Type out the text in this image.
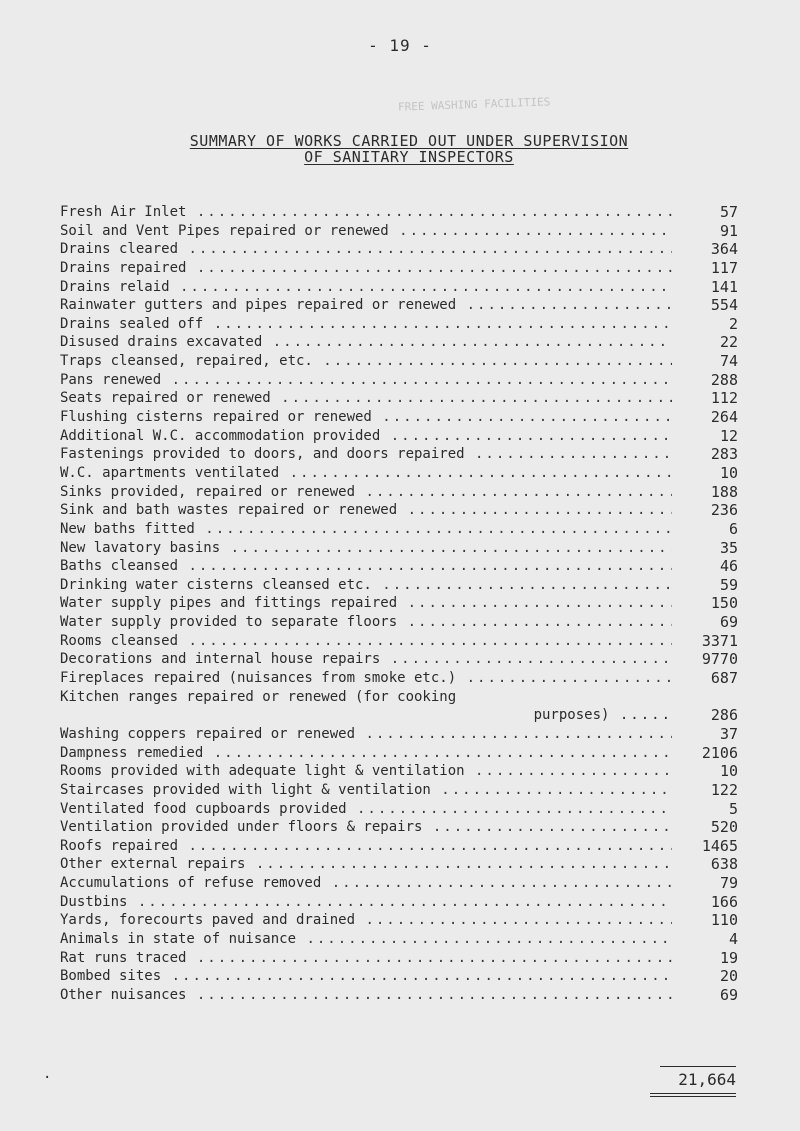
- 19 -
FREE WASHING FACILITIES
SUMMARY OF WORKS CARRIED OUT UNDER SUPERVISION
OF SANITARY INSPECTORS
Fresh Air Inlet .....	57
Soil and Vent Pipes repaired or renewed .....	91
Drains cleared .....	364
Drains repaired .....	117
Drains relaid .....	141
Rainwater gutters and pipes repaired or renewed .....	554
Drains sealed off .....	2
Disused drains excavated .....	22
Traps cleansed, repaired, etc. .....	74
Pans renewed .....	288
Seats repaired or renewed .....	112
Flushing cisterns repaired or renewed .....	264
Additional W.C. accommodation provided .....	12
Fastenings provided to doors, and doors repaired .....	283
W.C. apartments ventilated .....	10
Sinks provided, repaired or renewed .....	188
Sink and bath wastes repaired or renewed .....	236
New baths fitted .....	6
New lavatory basins .....	35
Baths cleansed .....	46
Drinking water cisterns cleansed etc. .....	59
Water supply pipes and fittings repaired .....	150
Water supply provided to separate floors .....	69
Rooms cleansed .....	3371
Decorations and internal house repairs .....	9770
Fireplaces repaired (nuisances from smoke etc.) .....	687
Kitchen ranges repaired or renewed (for cooking
purposes) .....	286
Washing coppers repaired or renewed .....	37
Dampness remedied .....	2106
Rooms provided with adequate light & ventilation .....	10
Staircases provided with light & ventilation .....	122
Ventilated food cupboards provided .....	5
Ventilation provided under floors & repairs .....	520
Roofs repaired .....	1465
Other external repairs .....	638
Accumulations of refuse removed .....	79
Dustbins .....	166
Yards, forecourts paved and drained .....	110
Animals in state of nuisance .....	4
Rat runs traced .....	19
Bombed sites .....	20
Other nuisances .....	69
.	21,664
